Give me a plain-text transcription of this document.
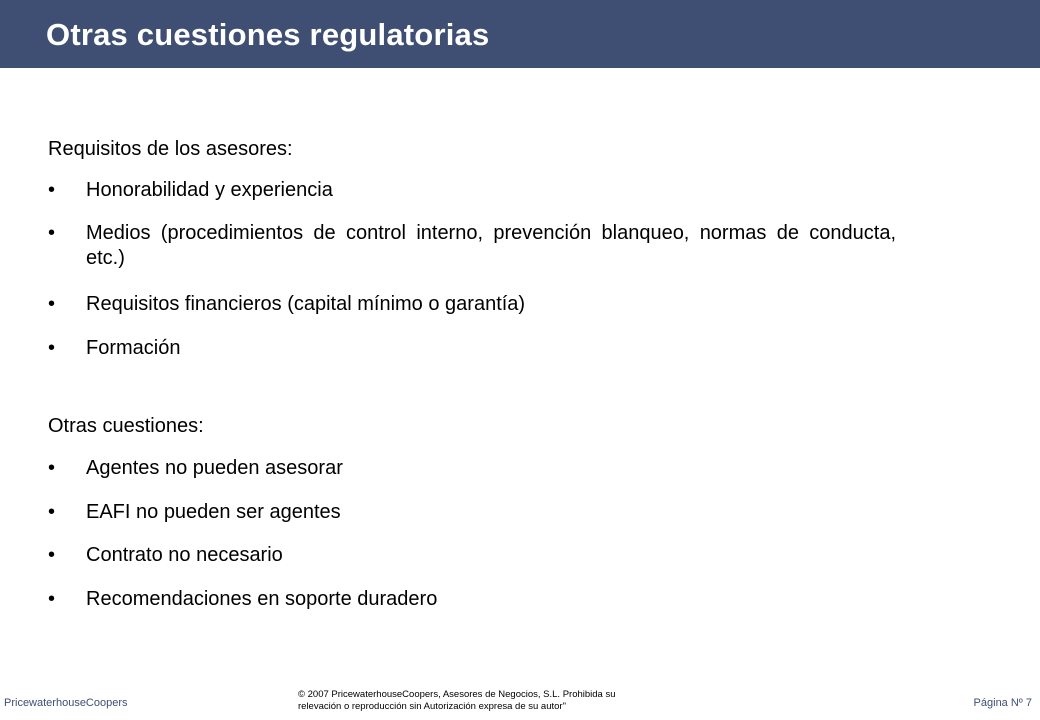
Otras cuestiones regulatorias
Requisitos de los asesores:
• Honorabilidad y experiencia
• Medios (procedimientos de control interno, prevención blanqueo, normas de conducta, etc.)
• Requisitos financieros (capital mínimo o garantía)
• Formación
Otras cuestiones:
• Agentes no pueden asesorar
• EAFI no pueden ser agentes
• Contrato no necesario
• Recomendaciones en soporte duradero
PricewaterhouseCoopers
© 2007 PricewaterhouseCoopers, Asesores de Negocios, S.L. Prohibida su
relevación o reproducción sin Autorización expresa de su autor"	Página Nº 7
